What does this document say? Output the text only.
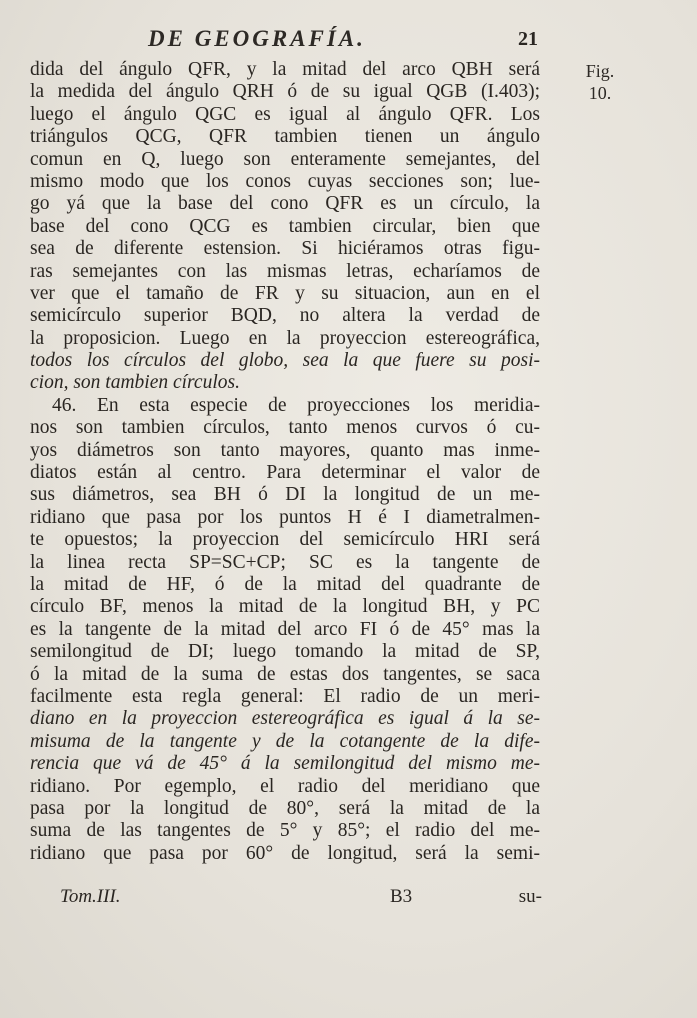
DE GEOGRAFÍA.	21
Fig.
10.
dida del ángulo QFR, y la mitad del arco QBH será
la medida del ángulo QRH ó de su igual QGB (I.403);
luego el ángulo QGC es igual al ángulo QFR. Los
triángulos QCG, QFR tambien tienen un ángulo
comun en Q, luego son enteramente semejantes, del
mismo modo que los conos cuyas secciones son; lue-
go yá que la base del cono QFR es un círculo, la
base del cono QCG es tambien circular, bien que
sea de diferente estension. Si hiciéramos otras figu-
ras semejantes con las mismas letras, echaríamos de
ver que el tamaño de FR y su situacion, aun en el
semicírculo superior BQD, no altera la verdad de
la proposicion. Luego en la proyeccion estereográfica,
todos los círculos del globo, sea la que fuere su posi-
cion, son tambien círculos.
46. En esta especie de proyecciones los meridia-
nos son tambien círculos, tanto menos curvos ó cu-
yos diámetros son tanto mayores, quanto mas inme-
diatos están al centro. Para determinar el valor de
sus diámetros, sea BH ó DI la longitud de un me-
ridiano que pasa por los puntos H é I diametralmen-
te opuestos; la proyeccion del semicírculo HRI será
la linea recta SP=SC+CP; SC es la tangente de
la mitad de HF, ó de la mitad del quadrante de
círculo BF, menos la mitad de la longitud BH, y PC
es la tangente de la mitad del arco FI ó de 45° mas la
semilongitud de DI; luego tomando la mitad de SP,
ó la mitad de la suma de estas dos tangentes, se saca
facilmente esta regla general: El radio de un meri-
diano en la proyeccion estereográfica es igual á la se-
misuma de la tangente y de la cotangente de la dife-
rencia que vá de 45° á la semilongitud del mismo me-
ridiano. Por egemplo, el radio del meridiano que
pasa por la longitud de 80°, será la mitad de la
suma de las tangentes de 5° y 85°; el radio del me-
ridiano que pasa por 60° de longitud, será la semi-
Tom.III.	B3	su-
